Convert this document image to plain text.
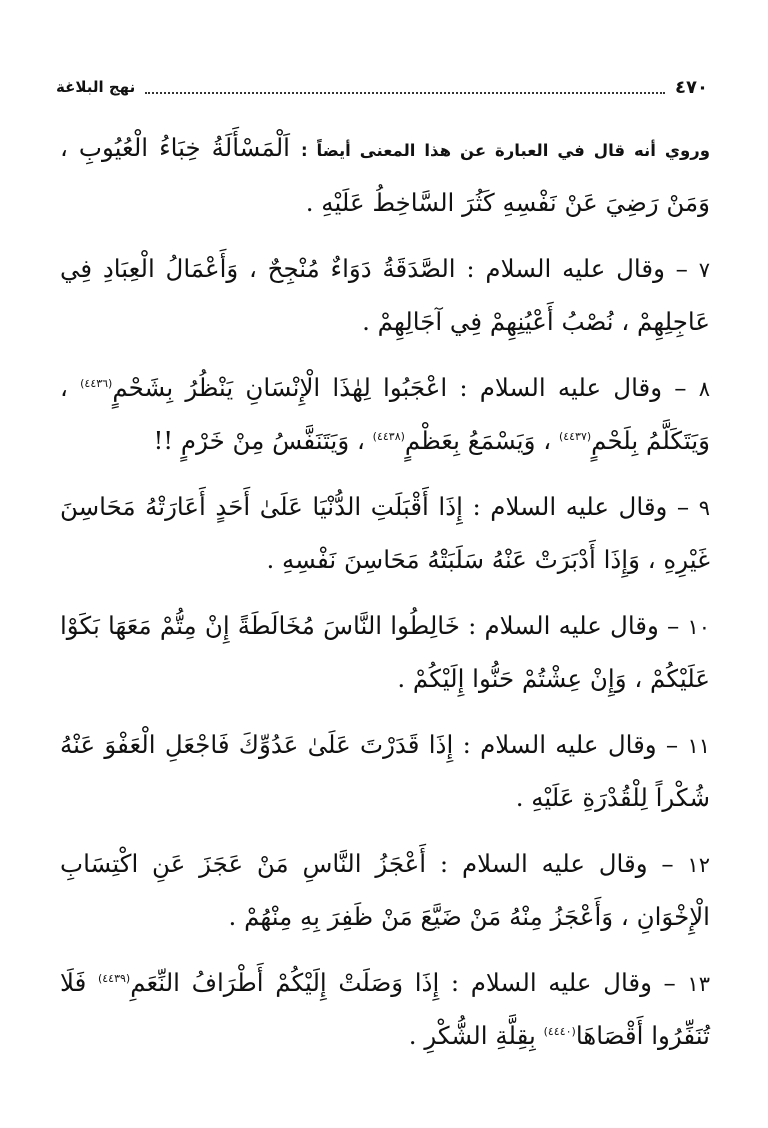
٤٧٠
نهج البلاغة

وروي أنه قال في العبارة عن هذا المعنى أيضاً : اَلْمَسْأَلَةُ خِبَاءُ الْعُيُوبِ ، وَمَنْ رَضِيَ عَنْ نَفْسِهِ كَثُرَ السَّاخِطُ عَلَيْهِ .

٧ – وقال عليه السلام : الصَّدَقَةُ دَوَاءٌ مُنْجِحٌ ، وَأَعْمَالُ الْعِبَادِ فِي عَاجِلِهِمْ ، نُصْبُ أَعْيُنِهِمْ فِي آجَالِهِمْ .

٨ – وقال عليه السلام : اعْجَبُوا لِهٰذَا الْإِنْسَانِ يَنْظُرُ بِشَحْمٍ$^{(٤٤٣٦)}$ ، وَيَتَكَلَّمُ بِلَحْمٍ$^{(٤٤٣٧)}$ ، وَيَسْمَعُ بِعَظْمٍ$^{(٤٤٣٨)}$ ، وَيَتَنَفَّسُ مِنْ خَرْمٍ !!

٩ – وقال عليه السلام : إِذَا أَقْبَلَتِ الدُّنْيَا عَلَىٰ أَحَدٍ أَعَارَتْهُ مَحَاسِنَ غَيْرِهِ ، وَإِذَا أَدْبَرَتْ عَنْهُ سَلَبَتْهُ مَحَاسِنَ نَفْسِهِ .

١٠ – وقال عليه السلام : خَالِطُوا النَّاسَ مُخَالَطَةً إِنْ مِتُّمْ مَعَهَا بَكَوْا عَلَيْكُمْ ، وَإِنْ عِشْتُمْ حَنُّوا إِلَيْكُمْ .

١١ – وقال عليه السلام : إِذَا قَدَرْتَ عَلَىٰ عَدُوِّكَ فَاجْعَلِ الْعَفْوَ عَنْهُ شُكْراً لِلْقُدْرَةِ عَلَيْهِ .

١٢ – وقال عليه السلام : أَعْجَزُ النَّاسِ مَنْ عَجَزَ عَنِ اكْتِسَابِ الْإِخْوَانِ ، وَأَعْجَزُ مِنْهُ مَنْ ضَيَّعَ مَنْ ظَفِرَ بِهِ مِنْهُمْ .

١٣ – وقال عليه السلام : إِذَا وَصَلَتْ إِلَيْكُمْ أَطْرَافُ النِّعَمِ$^{(٤٤٣٩)}$ فَلَا تُنَفِّرُوا أَقْصَاهَا$^{(٤٤٤٠)}$ بِقِلَّةِ الشُّكْرِ .
